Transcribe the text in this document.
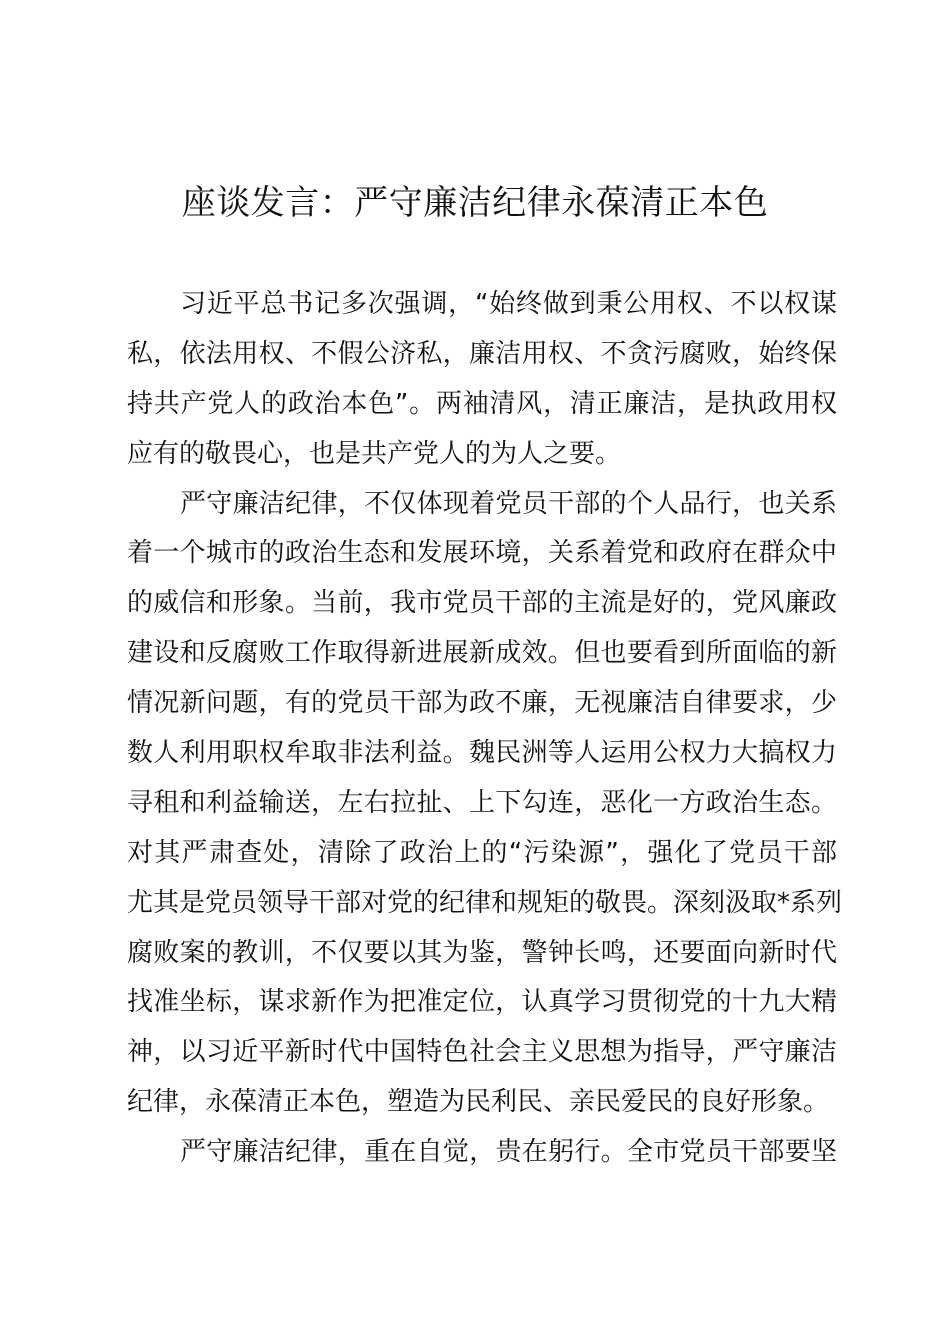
座谈发言：严守廉洁纪律永葆清正本色
习近平总书记多次强调，“始终做到秉公用权、不以权谋
私，依法用权、不假公济私，廉洁用权、不贪污腐败，始终保
持共产党人的政治本色”。两袖清风，清正廉洁，是执政用权
应有的敬畏心，也是共产党人的为人之要。
严守廉洁纪律，不仅体现着党员干部的个人品行，也关系
着一个城市的政治生态和发展环境，关系着党和政府在群众中
的威信和形象。当前，我市党员干部的主流是好的，党风廉政
建设和反腐败工作取得新进展新成效。但也要看到所面临的新
情况新问题，有的党员干部为政不廉，无视廉洁自律要求，少
数人利用职权牟取非法利益。魏民洲等人运用公权力大搞权力
寻租和利益输送，左右拉扯、上下勾连，恶化一方政治生态。
对其严肃查处，清除了政治上的“污染源”，强化了党员干部
尤其是党员领导干部对党的纪律和规矩的敬畏。深刻汲取*系列
腐败案的教训，不仅要以其为鉴，警钟长鸣，还要面向新时代
找准坐标，谋求新作为把准定位，认真学习贯彻党的十九大精
神，以习近平新时代中国特色社会主义思想为指导，严守廉洁
纪律，永葆清正本色，塑造为民利民、亲民爱民的良好形象。
严守廉洁纪律，重在自觉，贵在躬行。全市党员干部要坚
